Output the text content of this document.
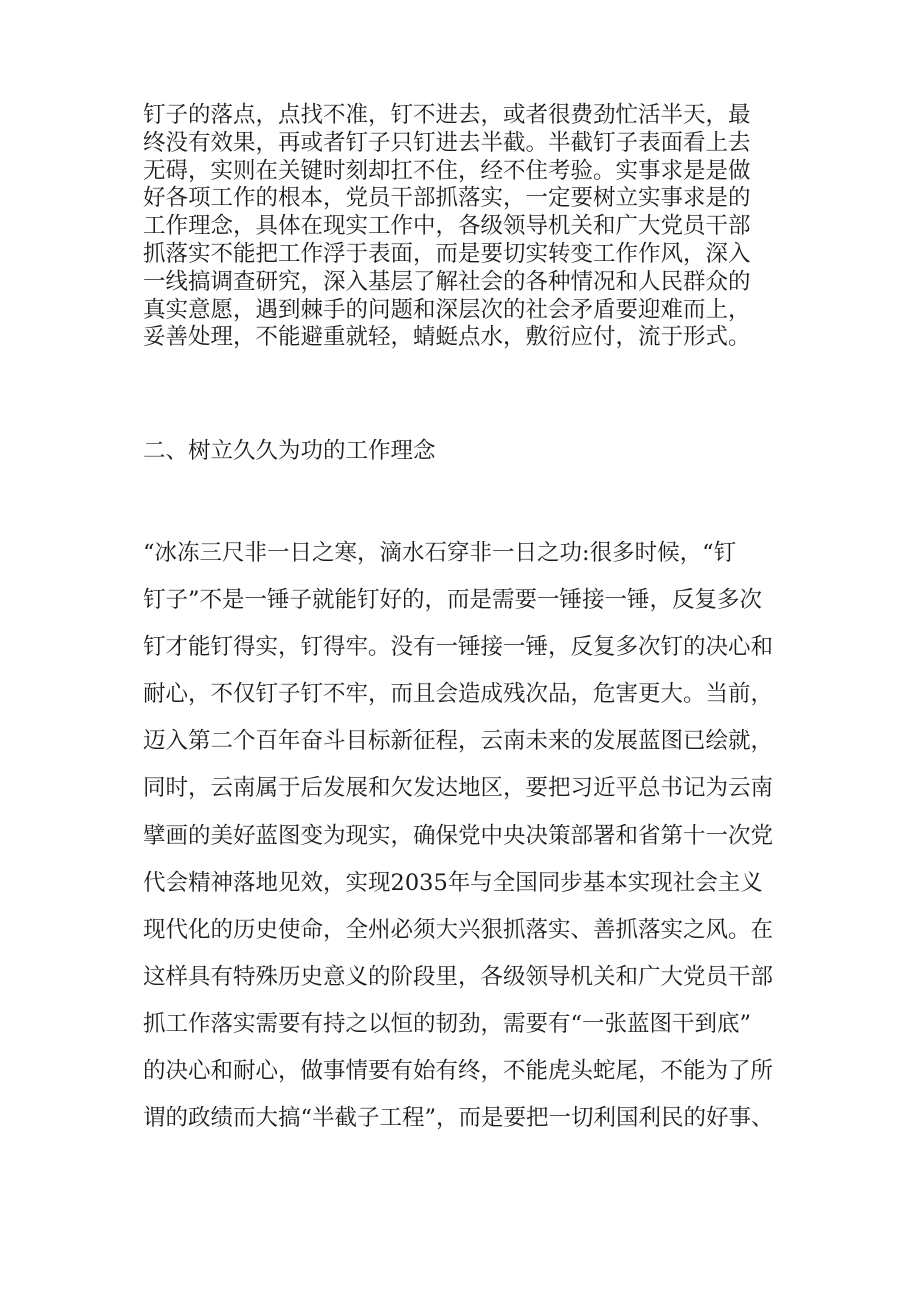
钉子的落点，点找不准，钉不进去，或者很费劲忙活半天，最
终没有效果，再或者钉子只钉进去半截。半截钉子表面看上去
无碍，实则在关键时刻却扛不住，经不住考验。实事求是是做
好各项工作的根本，党员干部抓落实，一定要树立实事求是的
工作理念，具体在现实工作中，各级领导机关和广大党员干部
抓落实不能把工作浮于表面，而是要切实转变工作作风，深入
一线搞调查研究，深入基层了解社会的各种情况和人民群众的
真实意愿，遇到棘手的问题和深层次的社会矛盾要迎难而上，
妥善处理，不能避重就轻，蜻蜓点水，敷衍应付，流于形式。
二、树立久久为功的工作理念
“冰冻三尺非一日之寒，滴水石穿非一日之功:很多时候，“钉
钉子”不是一锤子就能钉好的，而是需要一锤接一锤，反复多次
钉才能钉得实，钉得牢。没有一锤接一锤，反复多次钉的决心和
耐心，不仅钉子钉不牢，而且会造成残次品，危害更大。当前，
迈入第二个百年奋斗目标新征程，云南未来的发展蓝图已绘就，
同时，云南属于后发展和欠发达地区，要把习近平总书记为云南
擘画的美好蓝图变为现实，确保党中央决策部署和省第十一次党
代会精神落地见效，实现2035年与全国同步基本实现社会主义
现代化的历史使命，全州必须大兴狠抓落实、善抓落实之风。在
这样具有特殊历史意义的阶段里，各级领导机关和广大党员干部
抓工作落实需要有持之以恒的韧劲，需要有“一张蓝图干到底”
的决心和耐心，做事情要有始有终，不能虎头蛇尾，不能为了所
谓的政绩而大搞“半截子工程”，而是要把一切利国利民的好事、
